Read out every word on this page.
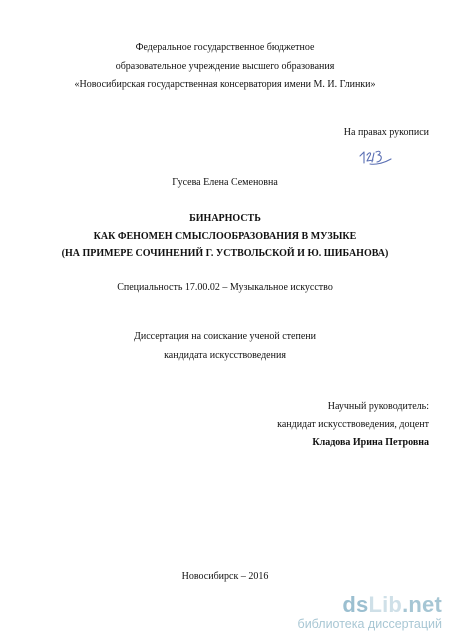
Федеральное государственное бюджетное
образовательное учреждение высшего образования
«Новосибирская государственная консерватория имени М. И. Глинки»
На правах рукописи
Гусева Елена Семеновна
БИНАРНОСТЬ
КАК ФЕНОМЕН СМЫСЛООБРАЗОВАНИЯ В МУЗЫКЕ
(НА ПРИМЕРЕ СОЧИНЕНИЙ Г. УСТВОЛЬСКОЙ И Ю. ШИБАНОВА)
Специальность 17.00.02 – Музыкальное искусство
Диссертация на соискание ученой степени
кандидата искусствоведения
Научный руководитель:
кандидат искусствоведения, доцент
Кладова Ирина Петровна
Новосибирск – 2016
dsLib.net
библиотека диссертаций
